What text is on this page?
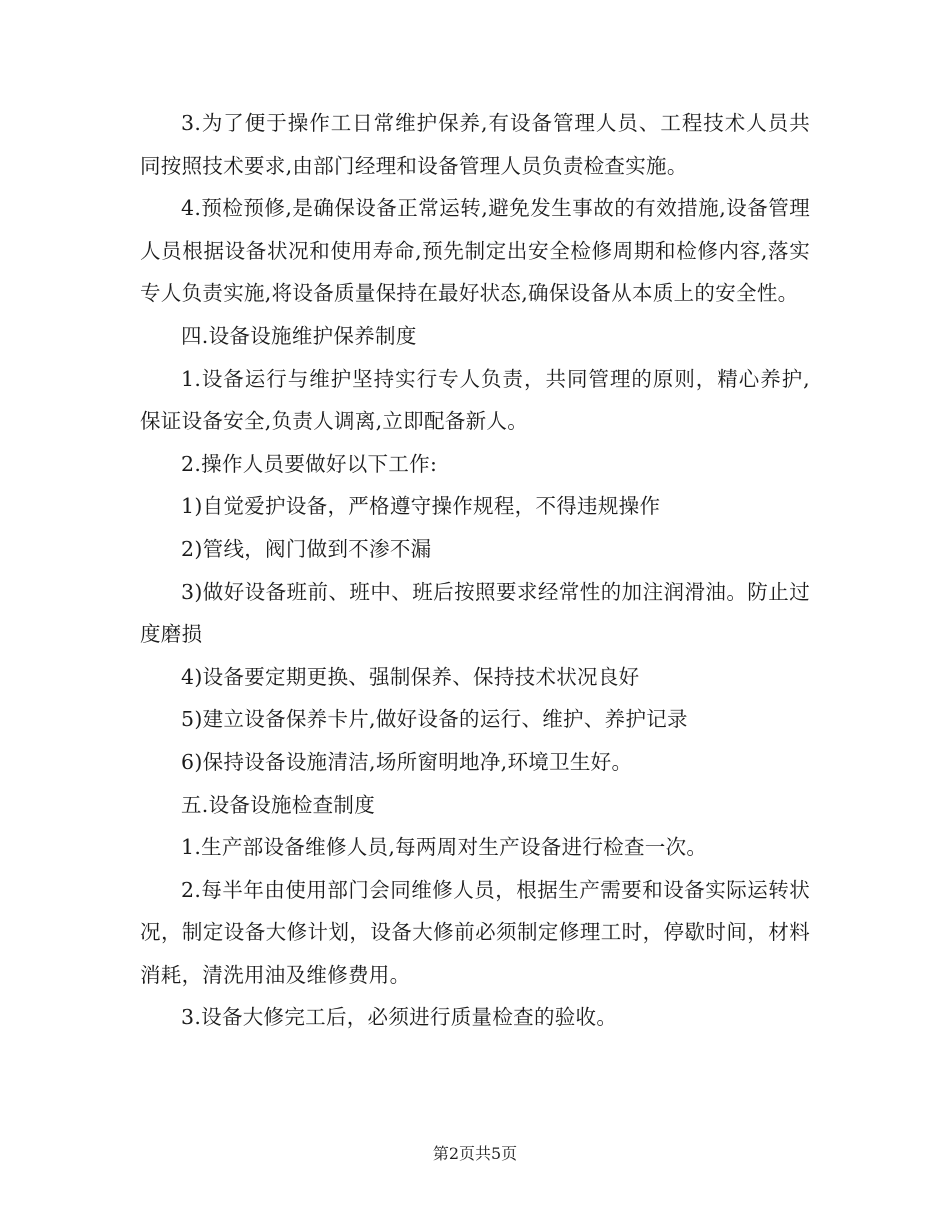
3.为了便于操作工日常维护保养,有设备管理人员、工程技术人员共同按照技术要求,由部门经理和设备管理人员负责检查实施。

4.预检预修,是确保设备正常运转,避免发生事故的有效措施,设备管理人员根据设备状况和使用寿命,预先制定出安全检修周期和检修内容,落实专人负责实施,将设备质量保持在最好状态,确保设备从本质上的安全性。

四.设备设施维护保养制度

1.设备运行与维护坚持实行专人负责，共同管理的原则，精心养护,保证设备安全,负责人调离,立即配备新人。

2.操作人员要做好以下工作:

1)自觉爱护设备，严格遵守操作规程，不得违规操作

2)管线，阀门做到不渗不漏

3)做好设备班前、班中、班后按照要求经常性的加注润滑油。防止过度磨损

4)设备要定期更换、强制保养、保持技术状况良好

5)建立设备保养卡片,做好设备的运行、维护、养护记录

6)保持设备设施清洁,场所窗明地净,环境卫生好。

五.设备设施检查制度

1.生产部设备维修人员,每两周对生产设备进行检查一次。

2.每半年由使用部门会同维修人员，根据生产需要和设备实际运转状况，制定设备大修计划，设备大修前必须制定修理工时，停歇时间，材料消耗，清洗用油及维修费用。

3.设备大修完工后，必须进行质量检查的验收。

第2页共5页
